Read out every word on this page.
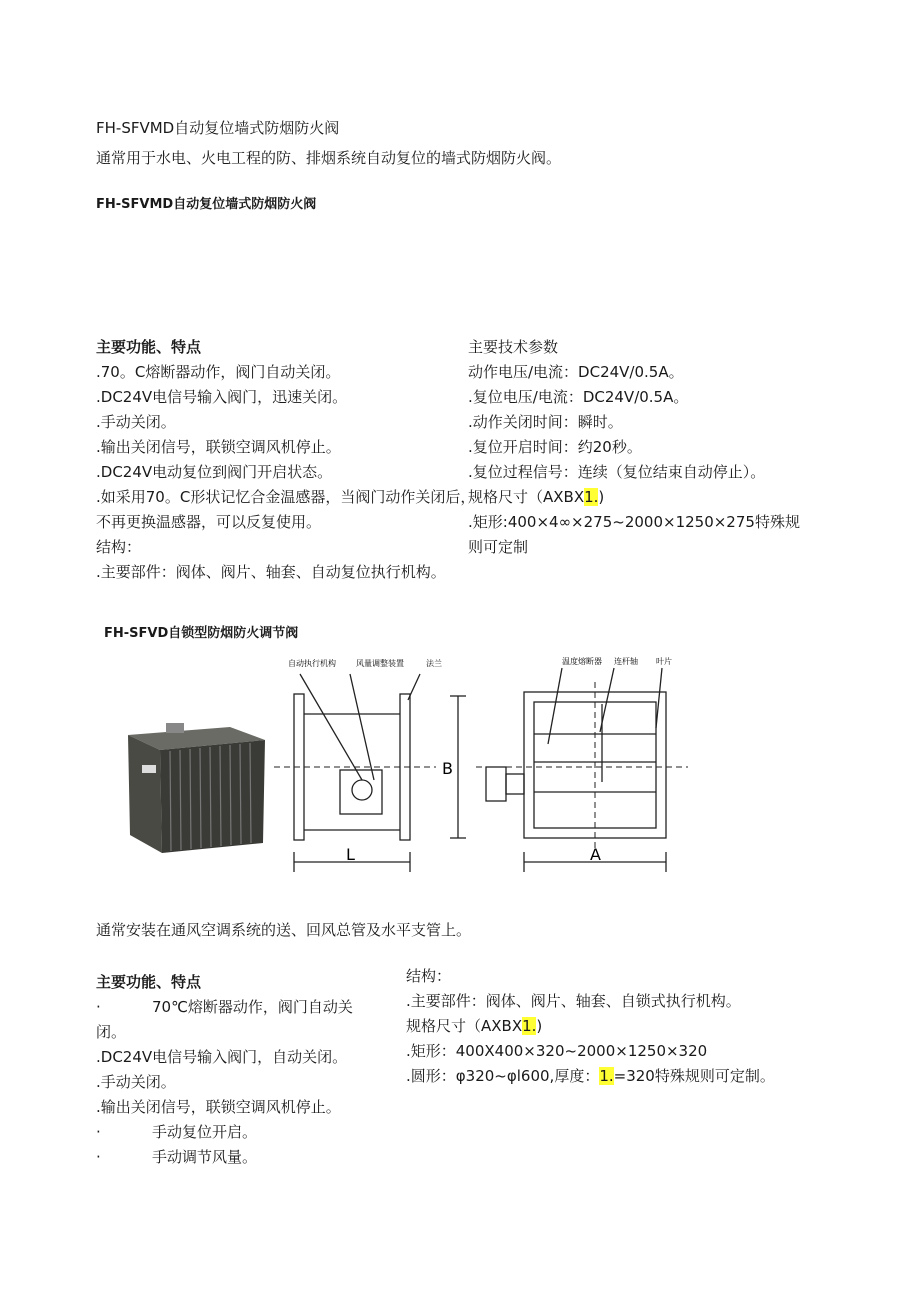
FH-SFVMD自动复位墙式防烟防火阀
通常用于水电、火电工程的防、排烟系统自动复位的墙式防烟防火阀。
FH-SFVMD自动复位墙式防烟防火阀
主要功能、特点
.70。C熔断器动作，阀门自动关闭。
.DC24V电信号输入阀门，迅速关闭。
.手动关闭。
.输出关闭信号，联锁空调风机停止。
.DC24V电动复位到阀门开启状态。
.如采用70。C形状记忆合金温感器，当阀门动作关闭后，
不再更换温感器，可以反复使用。
结构：
.主要部件：阀体、阀片、轴套、自动复位执行机构。
主要技术参数
动作电压/电流：DC24V/0.5A。
.复位电压/电流：DC24V/0.5A。
.动作关闭时间：瞬时。
.复位开启时间：约20秒。
.复位过程信号：连续（复位结束自动停止）。
规格尺寸（AXBX1.)
.矩形:400×4∞×275~2000×1250×275特殊规
则可定制
FH-SFVD自锁型防烟防火调节阀
自动执行机构	风量调整装置	法兰
L
温度熔断器 连杆轴 叶片
B
A
通常安装在通风空调系统的送、回风总管及水平支管上。
主要功能、特点
·	70℃熔断器动作，阀门自动关
闭。
.DC24V电信号输入阀门，自动关闭。
.手动关闭。
.输出关闭信号，联锁空调风机停止。
·	手动复位开启。
·	手动调节风量。
结构：
.主要部件：阀体、阀片、轴套、自锁式执行机构。
规格尺寸（AXBX1.)
.矩形：400X400×320~2000×1250×320
.圆形：φ320~φl600,厚度：1.=320特殊规则可定制。
